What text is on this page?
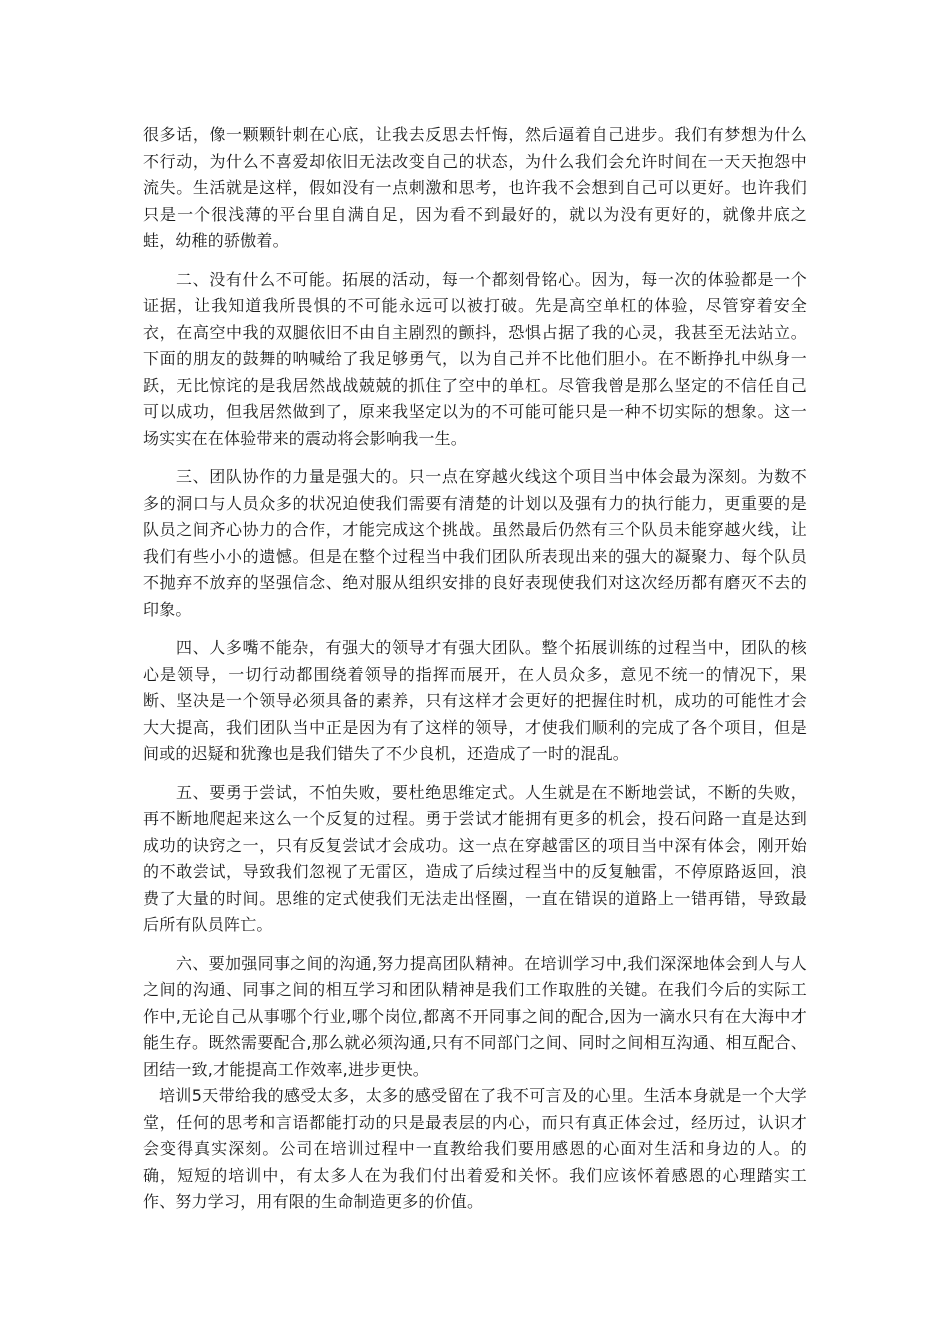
很多话，像一颗颗针刺在心底，让我去反思去忏悔，然后逼着自己进步。我们有梦想为什么不行动，为什么不喜爱却依旧无法改变自己的状态，为什么我们会允许时间在一天天抱怨中流失。生活就是这样，假如没有一点刺激和思考，也许我不会想到自己可以更好。也许我们只是一个很浅薄的平台里自满自足，因为看不到最好的，就以为没有更好的，就像井底之蛙，幼稚的骄傲着。

二、没有什么不可能。拓展的活动，每一个都刻骨铭心。因为，每一次的体验都是一个证据，让我知道我所畏惧的不可能永远可以被打破。先是高空单杠的体验，尽管穿着安全衣，在高空中我的双腿依旧不由自主剧烈的颤抖，恐惧占据了我的心灵，我甚至无法站立。下面的朋友的鼓舞的呐喊给了我足够勇气，以为自己并不比他们胆小。在不断挣扎中纵身一跃，无比惊诧的是我居然战战兢兢的抓住了空中的单杠。尽管我曾是那么坚定的不信任自己可以成功，但我居然做到了，原来我坚定以为的不可能可能只是一种不切实际的想象。这一场实实在在体验带来的震动将会影响我一生。

三、团队协作的力量是强大的。只一点在穿越火线这个项目当中体会最为深刻。为数不多的洞口与人员众多的状况迫使我们需要有清楚的计划以及强有力的执行能力，更重要的是队员之间齐心协力的合作，才能完成这个挑战。虽然最后仍然有三个队员未能穿越火线，让我们有些小小的遗憾。但是在整个过程当中我们团队所表现出来的强大的凝聚力、每个队员不抛弃不放弃的坚强信念、绝对服从组织安排的良好表现使我们对这次经历都有磨灭不去的印象。

四、人多嘴不能杂，有强大的领导才有强大团队。整个拓展训练的过程当中，团队的核心是领导，一切行动都围绕着领导的指挥而展开，在人员众多，意见不统一的情况下，果断、坚决是一个领导必须具备的素养，只有这样才会更好的把握住时机，成功的可能性才会大大提高，我们团队当中正是因为有了这样的领导，才使我们顺利的完成了各个项目，但是间或的迟疑和犹豫也是我们错失了不少良机，还造成了一时的混乱。

五、要勇于尝试，不怕失败，要杜绝思维定式。人生就是在不断地尝试，不断的失败，再不断地爬起来这么一个反复的过程。勇于尝试才能拥有更多的机会，投石问路一直是达到成功的诀窍之一，只有反复尝试才会成功。这一点在穿越雷区的项目当中深有体会，刚开始的不敢尝试，导致我们忽视了无雷区，造成了后续过程当中的反复触雷，不停原路返回，浪费了大量的时间。思维的定式使我们无法走出怪圈，一直在错误的道路上一错再错，导致最后所有队员阵亡。

六、要加强同事之间的沟通,努力提高团队精神。在培训学习中,我们深深地体会到人与人之间的沟通、同事之间的相互学习和团队精神是我们工作取胜的关键。在我们今后的实际工作中,无论自己从事哪个行业,哪个岗位,都离不开同事之间的配合,因为一滴水只有在大海中才能生存。既然需要配合,那么就必须沟通,只有不同部门之间、同时之间相互沟通、相互配合、团结一致,才能提高工作效率,进步更快。

培训5天带给我的感受太多，太多的感受留在了我不可言及的心里。生活本身就是一个大学堂，任何的思考和言语都能打动的只是最表层的内心，而只有真正体会过，经历过，认识才会变得真实深刻。公司在培训过程中一直教给我们要用感恩的心面对生活和身边的人。的确，短短的培训中，有太多人在为我们付出着爱和关怀。我们应该怀着感恩的心理踏实工作、努力学习，用有限的生命制造更多的价值。
